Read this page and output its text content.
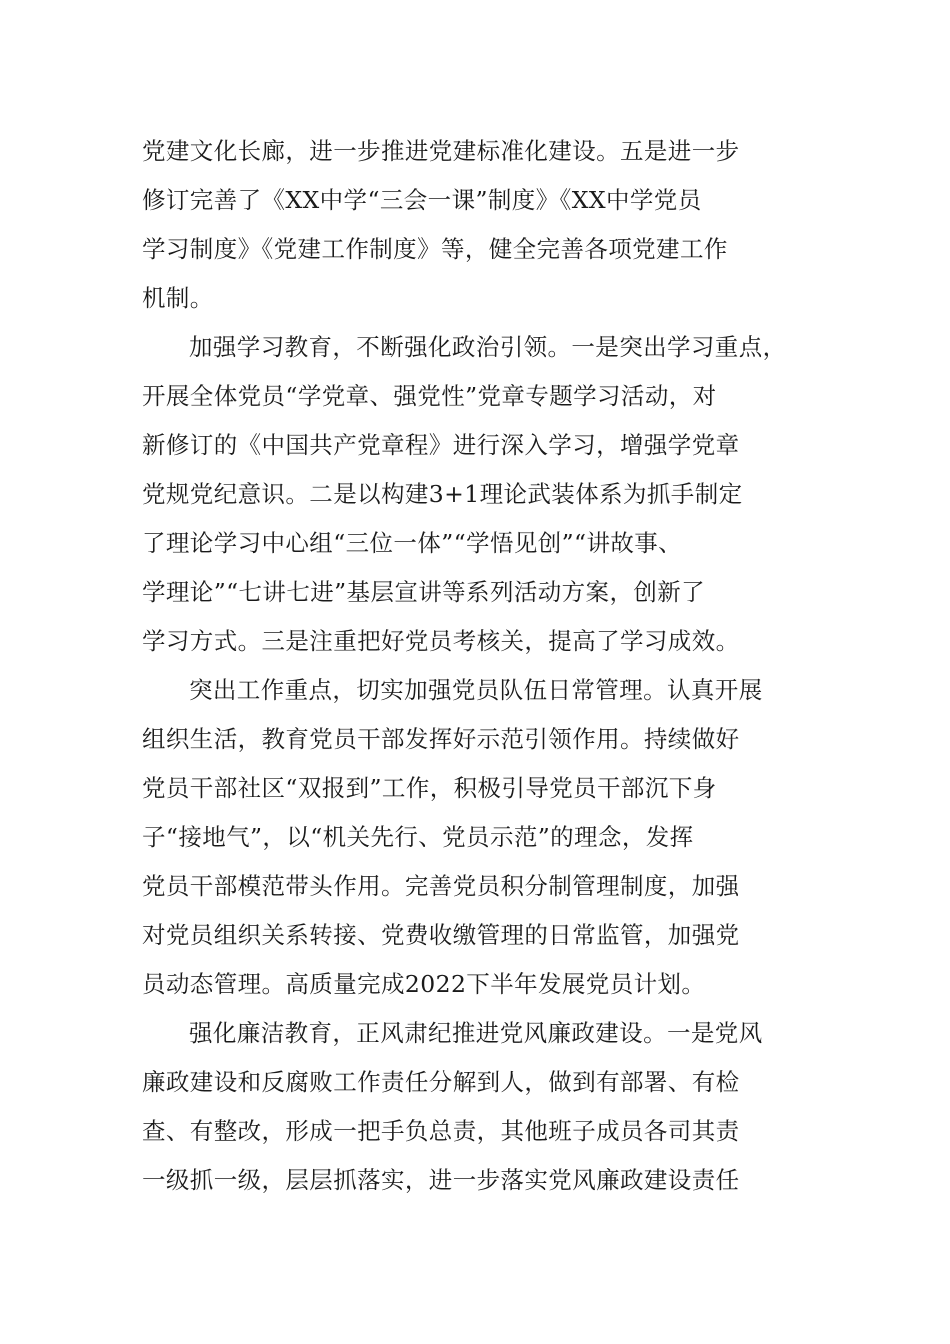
党建文化长廊，进一步推进党建标准化建设。五是进一步
修订完善了《XX中学“三会一课”制度》《XX中学党员
学习制度》《党建工作制度》等，健全完善各项党建工作
机制。
加强学习教育，不断强化政治引领。一是突出学习重点，
开展全体党员“学党章、强党性”党章专题学习活动，对
新修订的《中国共产党章程》进行深入学习，增强学党章
党规党纪意识。二是以构建3+1理论武装体系为抓手制定
了理论学习中心组“三位一体”“学悟见创”“讲故事、
学理论”“七讲七进”基层宣讲等系列活动方案，创新了
学习方式。三是注重把好党员考核关，提高了学习成效。
突出工作重点，切实加强党员队伍日常管理。认真开展
组织生活，教育党员干部发挥好示范引领作用。持续做好
党员干部社区“双报到”工作，积极引导党员干部沉下身
子“接地气”，以“机关先行、党员示范”的理念，发挥
党员干部模范带头作用。完善党员积分制管理制度，加强
对党员组织关系转接、党费收缴管理的日常监管，加强党
员动态管理。高质量完成2022下半年发展党员计划。
强化廉洁教育，正风肃纪推进党风廉政建设。一是党风
廉政建设和反腐败工作责任分解到人，做到有部署、有检
查、有整改，形成一把手负总责，其他班子成员各司其责
一级抓一级，层层抓落实，进一步落实党风廉政建设责任
